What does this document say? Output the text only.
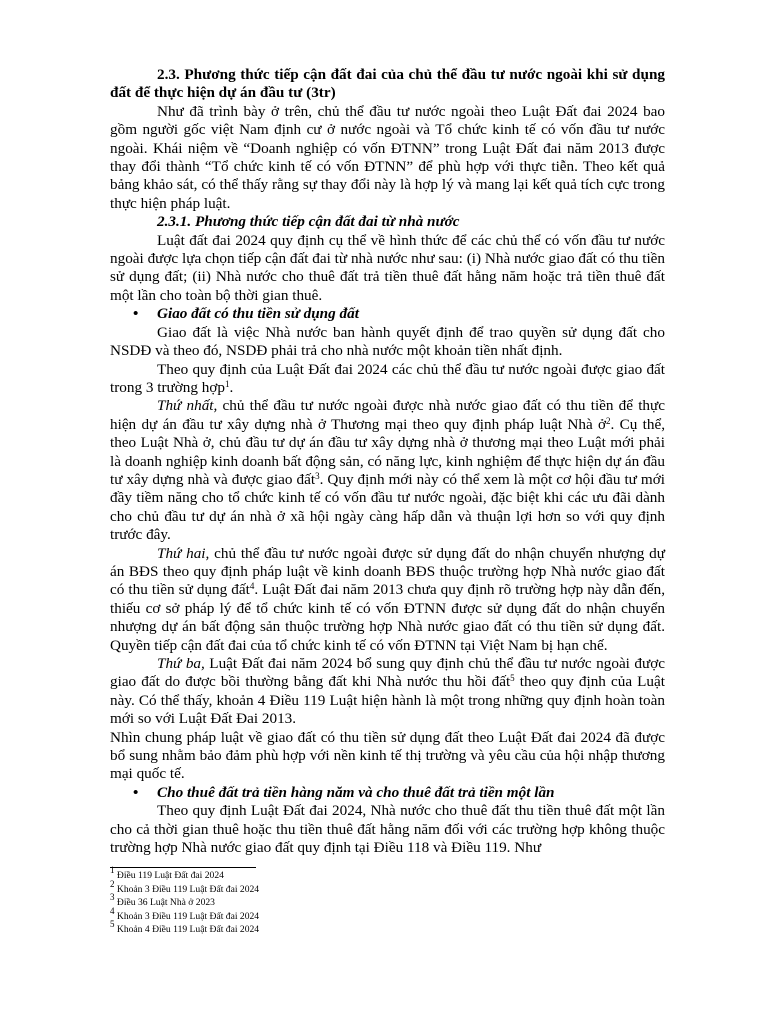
2.3. Phương thức tiếp cận đất đai của chủ thể đầu tư nước ngoài khi sử dụng đất để thực hiện dự án đầu tư (3tr)

Như đã trình bày ở trên, chủ thể đầu tư nước ngoài theo Luật Đất đai 2024 bao gồm người gốc việt Nam định cư ở nước ngoài và Tổ chức kinh tế có vốn đầu tư nước ngoài. Khái niệm về “Doanh nghiệp có vốn ĐTNN” trong Luật Đất đai năm 2013 được thay đổi thành “Tổ chức kinh tế có vốn ĐTNN” để phù hợp với thực tiễn. Theo kết quả bảng khảo sát, có thể thấy rằng sự thay đổi này là hợp lý và mang lại kết quả tích cực trong thực hiện pháp luật.

2.3.1. Phương thức tiếp cận đất đai từ nhà nước

Luật đất đai 2024 quy định cụ thể về hình thức để các chủ thể có vốn đầu tư nước ngoài được lựa chọn tiếp cận đất đai từ nhà nước như sau: (i) Nhà nước giao đất có thu tiền sử dụng đất; (ii) Nhà nước cho thuê đất trả tiền thuê đất hằng năm hoặc trả tiền thuê đất một lần cho toàn bộ thời gian thuê.

• Giao đất có thu tiền sử dụng đất

Giao đất là việc Nhà nước ban hành quyết định để trao quyền sử dụng đất cho NSDĐ và theo đó, NSDĐ phải trả cho nhà nước một khoản tiền nhất định.

Theo quy định của Luật Đất đai 2024 các chủ thể đầu tư nước ngoài được giao đất trong 3 trường hợp$^1$.

Thứ nhất, chủ thể đầu tư nước ngoài được nhà nước giao đất có thu tiền để thực hiện dự án đầu tư xây dựng nhà ở Thương mại theo quy định pháp luật Nhà ở$^2$. Cụ thể, theo Luật Nhà ở, chủ đầu tư dự án đầu tư xây dựng nhà ở thương mại theo Luật mới phải là doanh nghiệp kinh doanh bất động sản, có năng lực, kinh nghiệm để thực hiện dự án đầu tư xây dựng nhà và được giao đất$^3$. Quy định mới này có thể xem là một cơ hội đầu tư mới đầy tiềm năng cho tổ chức kinh tế có vốn đầu tư nước ngoài, đặc biệt khi các ưu đãi dành cho chủ đầu tư dự án nhà ở xã hội ngày càng hấp dẫn và thuận lợi hơn so với quy định trước đây.

Thứ hai, chủ thể đầu tư nước ngoài được sử dụng đất do nhận chuyển nhượng dự án BĐS theo quy định pháp luật về kinh doanh BĐS thuộc trường hợp Nhà nước giao đất có thu tiền sử dụng đất$^4$. Luật Đất đai năm 2013 chưa quy định rõ trường hợp này dẫn đến, thiếu cơ sở pháp lý để tổ chức kinh tế có vốn ĐTNN được sử dụng đất do nhận chuyển nhượng dự án bất động sản thuộc trường hợp Nhà nước giao đất có thu tiền sử dụng đất. Quyền tiếp cận đất đai của tổ chức kinh tế có vốn ĐTNN tại Việt Nam bị hạn chế.

Thứ ba, Luật Đất đai năm 2024 bổ sung quy định chủ thể đầu tư nước ngoài được giao đất do được bồi thường bằng đất khi Nhà nước thu hồi đất$^5$ theo quy định của Luật này. Có thể thấy, khoản 4 Điều 119 Luật hiện hành là một trong những quy định hoàn toàn mới so với Luật Đất Đai 2013.

Nhìn chung pháp luật về giao đất có thu tiền sử dụng đất theo Luật Đất đai 2024 đã được bổ sung nhằm bảo đảm phù hợp với nền kinh tế thị trường và yêu cầu của hội nhập thương mại quốc tế.

• Cho thuê đất trả tiền hàng năm và cho thuê đất trả tiền một lần

Theo quy định Luật Đất đai 2024, Nhà nước cho thuê đất thu tiền thuê đất một lần cho cả thời gian thuê hoặc thu tiền thuê đất hằng năm đối với các trường hợp không thuộc trường hợp Nhà nước giao đất quy định tại Điều 118 và Điều 119. Như

$^1$ Điều 119 Luật Đất đai 2024

$^2$ Khoản 3 Điều 119 Luật Đất đai 2024

$^3$ Điều 36 Luật Nhà ở 2023

$^4$ Khoản 3 Điều 119 Luật Đất đai 2024

$^5$ Khoản 4 Điều 119 Luật Đất đai 2024
